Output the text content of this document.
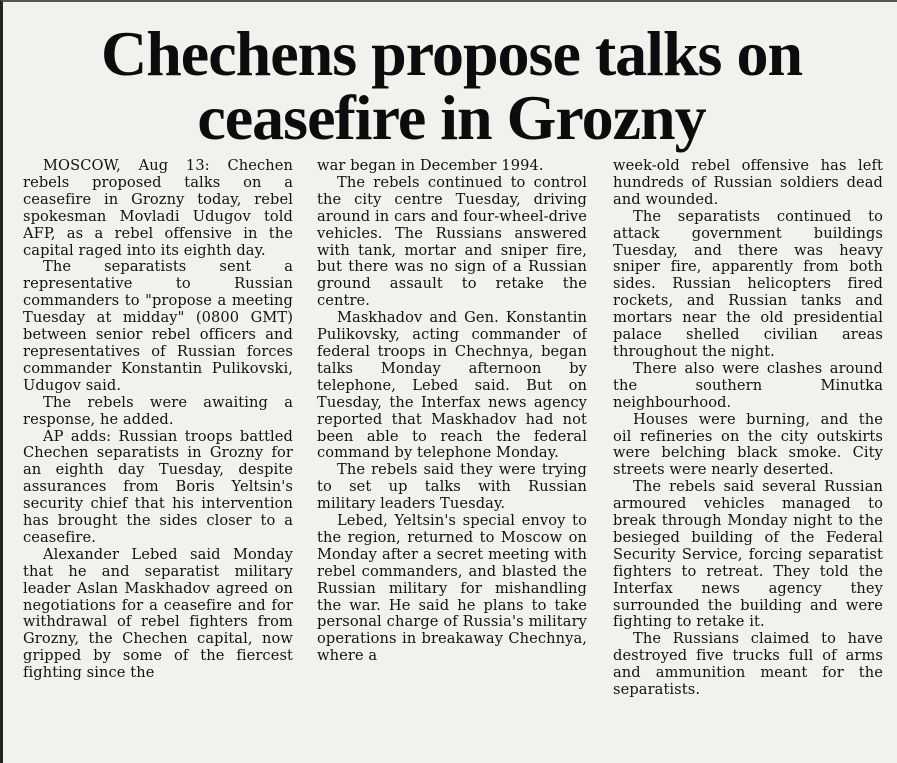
Chechens propose talks on ceasefire in Grozny

MOSCOW, Aug 13: Chechen rebels proposed talks on a ceasefire in Grozny today, rebel spokesman Movladi Udugov told AFP, as a rebel offensive in the capital raged into its eighth day.

The separatists sent a representative to Russian commanders to "propose a meeting Tuesday at midday" (0800 GMT) between senior rebel officers and representatives of Russian forces commander Konstantin Pulikovski, Udugov said.

The rebels were awaiting a response, he added.

AP adds: Russian troops battled Chechen separatists in Grozny for an eighth day Tuesday, despite assurances from Boris Yeltsin's security chief that his intervention has brought the sides closer to a ceasefire.

Alexander Lebed said Monday that he and separatist military leader Aslan Maskhadov agreed on negotiations for a ceasefire and for withdrawal of rebel fighters from Grozny, the Chechen capital, now gripped by some of the fiercest fighting since the

war began in December 1994.

The rebels continued to control the city centre Tuesday, driving around in cars and four-wheel-drive vehicles. The Russians answered with tank, mortar and sniper fire, but there was no sign of a Russian ground assault to retake the centre.

Maskhadov and Gen. Konstantin Pulikovsky, acting commander of federal troops in Chechnya, began talks Monday afternoon by telephone, Lebed said. But on Tuesday, the Interfax news agency reported that Maskhadov had not been able to reach the federal command by telephone Monday.

The rebels said they were trying to set up talks with Russian military leaders Tuesday.

Lebed, Yeltsin's special envoy to the region, returned to Moscow on Monday after a secret meeting with rebel commanders, and blasted the Russian military for mishandling the war. He said he plans to take personal charge of Russia's military operations in breakaway Chechnya, where a

week-old rebel offensive has left hundreds of Russian soldiers dead and wounded.

The separatists continued to attack government buildings Tuesday, and there was heavy sniper fire, apparently from both sides. Russian helicopters fired rockets, and Russian tanks and mortars near the old presidential palace shelled civilian areas throughout the night.

There also were clashes around the southern Minutka neighbourhood.

Houses were burning, and the oil refineries on the city outskirts were belching black smoke. City streets were nearly deserted.

The rebels said several Russian armoured vehicles managed to break through Monday night to the besieged building of the Federal Security Service, forcing separatist fighters to retreat. They told the Interfax news agency they surrounded the building and were fighting to retake it.

The Russians claimed to have destroyed five trucks full of arms and ammunition meant for the separatists.
